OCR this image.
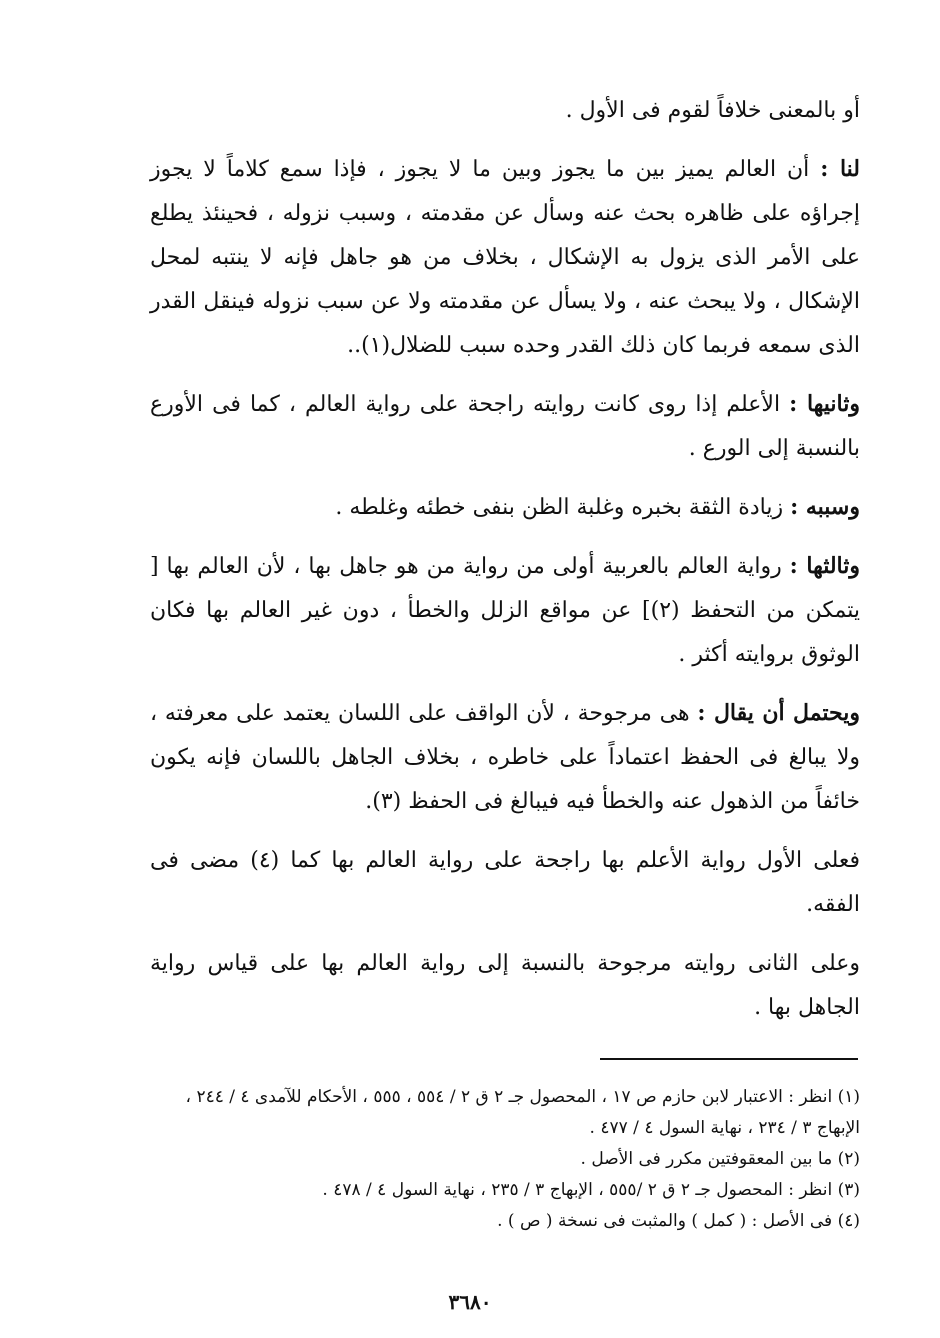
أو بالمعنى خلافاً لقوم فى الأول .

لنا : أن العالم يميز بين ما يجوز وبين ما لا يجوز ، فإذا سمع كلاماً لا يجوز إجراؤه على ظاهره بحث عنه وسأل عن مقدمته ، وسبب نزوله ، فحينئذ يطلع على الأمر الذى يزول به الإشكال ، بخلاف من هو جاهل فإنه لا ينتبه لمحل الإشكال ، ولا يبحث عنه ، ولا يسأل عن مقدمته ولا عن سبب نزوله فينقل القدر الذى سمعه فربما كان ذلك القدر وحده سبب للضلال(١)..

وثانيها : الأعلم إذا روى كانت روايته راجحة على رواية العالم ، كما فى الأورع بالنسبة إلى الورع .

وسببه : زيادة الثقة بخبره وغلبة الظن بنفى خطئه وغلطه .

وثالثها : رواية العالم بالعربية أولى من رواية من هو جاهل بها ، لأن العالم بها [ يتمكن من التحفظ (٢)] عن مواقع الزلل والخطأ ، دون غير العالم بها فكان الوثوق بروايته أكثر .

ويحتمل أن يقال : هى مرجوحة ، لأن الواقف على اللسان يعتمد على معرفته ، ولا يبالغ فى الحفظ اعتماداً على خاطره ، بخلاف الجاهل باللسان فإنه يكون خائفاً من الذهول عنه والخطأ فيه فيبالغ فى الحفظ (٣).

فعلى الأول رواية الأعلم بها راجحة على رواية العالم بها كما (٤) مضى فى الفقه.

وعلى الثانى روايته مرجوحة بالنسبة إلى رواية العالم بها على قياس رواية الجاهل بها .

(١) انظر : الاعتبار لابن حازم ص ١٧ ، المحصول جـ ٢ ق ٢ / ٥٥٤ ، ٥٥٥ ، الأحكام للآمدى ٤ / ٢٤٤ ، الإبهاج ٣ / ٢٣٤ ، نهاية السول ٤ / ٤٧٧ .

(٢) ما بين المعقوفتين مكرر فى الأصل .

(٣) انظر : المحصول جـ ٢ ق ٢ /٥٥٥ ، الإبهاج ٣ / ٢٣٥ ، نهاية السول ٤ / ٤٧٨ .

(٤) فى الأصل : ( كمل ) والمثبت فى نسخة ( ص ) .

٣٦٨٠
